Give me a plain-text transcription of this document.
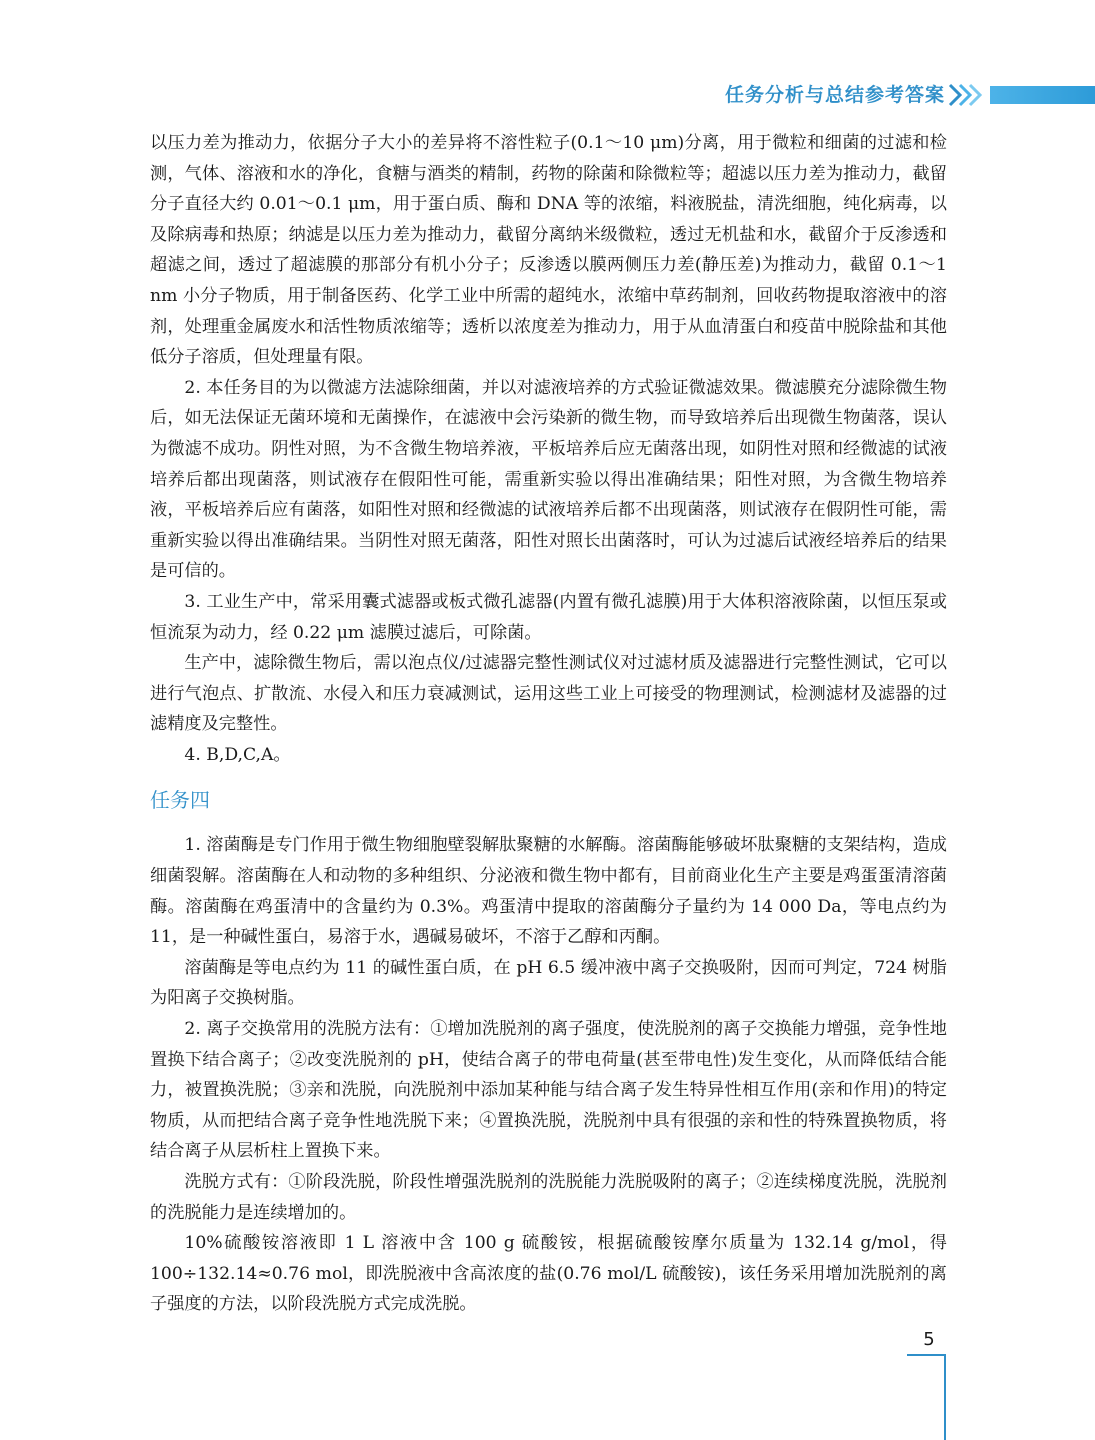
任务分析与总结参考答案

以压力差为推动力，依据分子大小的差异将不溶性粒子(0.1～10 μm)分离，用于微粒和细菌的过滤和检测，气体、溶液和水的净化，食糖与酒类的精制，药物的除菌和除微粒等；超滤以压力差为推动力，截留分子直径大约 0.01～0.1 μm，用于蛋白质、酶和 DNA 等的浓缩，料液脱盐，清洗细胞，纯化病毒，以及除病毒和热原；纳滤是以压力差为推动力，截留分离纳米级微粒，透过无机盐和水，截留介于反渗透和超滤之间，透过了超滤膜的那部分有机小分子；反渗透以膜两侧压力差(静压差)为推动力，截留 0.1～1 nm 小分子物质，用于制备医药、化学工业中所需的超纯水，浓缩中草药制剂，回收药物提取溶液中的溶剂，处理重金属废水和活性物质浓缩等；透析以浓度差为推动力，用于从血清蛋白和疫苗中脱除盐和其他低分子溶质，但处理量有限。

2. 本任务目的为以微滤方法滤除细菌，并以对滤液培养的方式验证微滤效果。微滤膜充分滤除微生物后，如无法保证无菌环境和无菌操作，在滤液中会污染新的微生物，而导致培养后出现微生物菌落，误认为微滤不成功。阴性对照，为不含微生物培养液，平板培养后应无菌落出现，如阴性对照和经微滤的试液培养后都出现菌落，则试液存在假阳性可能，需重新实验以得出准确结果；阳性对照，为含微生物培养液，平板培养后应有菌落，如阳性对照和经微滤的试液培养后都不出现菌落，则试液存在假阴性可能，需重新实验以得出准确结果。当阴性对照无菌落，阳性对照长出菌落时，可认为过滤后试液经培养后的结果是可信的。

3. 工业生产中，常采用囊式滤器或板式微孔滤器(内置有微孔滤膜)用于大体积溶液除菌，以恒压泵或恒流泵为动力，经 0.22 μm 滤膜过滤后，可除菌。

生产中，滤除微生物后，需以泡点仪/过滤器完整性测试仪对过滤材质及滤器进行完整性测试，它可以进行气泡点、扩散流、水侵入和压力衰减测试，运用这些工业上可接受的物理测试，检测滤材及滤器的过滤精度及完整性。

4. B,D,C,A。

任务四

1. 溶菌酶是专门作用于微生物细胞壁裂解肽聚糖的水解酶。溶菌酶能够破坏肽聚糖的支架结构，造成细菌裂解。溶菌酶在人和动物的多种组织、分泌液和微生物中都有，目前商业化生产主要是鸡蛋蛋清溶菌酶。溶菌酶在鸡蛋清中的含量约为 0.3%。鸡蛋清中提取的溶菌酶分子量约为 14 000 Da，等电点约为 11，是一种碱性蛋白，易溶于水，遇碱易破坏，不溶于乙醇和丙酮。

溶菌酶是等电点约为 11 的碱性蛋白质，在 pH 6.5 缓冲液中离子交换吸附，因而可判定，724 树脂为阳离子交换树脂。

2. 离子交换常用的洗脱方法有：①增加洗脱剂的离子强度，使洗脱剂的离子交换能力增强，竞争性地置换下结合离子；②改变洗脱剂的 pH，使结合离子的带电荷量(甚至带电性)发生变化，从而降低结合能力，被置换洗脱；③亲和洗脱，向洗脱剂中添加某种能与结合离子发生特异性相互作用(亲和作用)的特定物质，从而把结合离子竞争性地洗脱下来；④置换洗脱，洗脱剂中具有很强的亲和性的特殊置换物质，将结合离子从层析柱上置换下来。

洗脱方式有：①阶段洗脱，阶段性增强洗脱剂的洗脱能力洗脱吸附的离子；②连续梯度洗脱，洗脱剂的洗脱能力是连续增加的。

10%硫酸铵溶液即 1 L 溶液中含 100 g 硫酸铵，根据硫酸铵摩尔质量为 132.14 g/mol，得 100÷132.14≈0.76 mol，即洗脱液中含高浓度的盐(0.76 mol/L 硫酸铵)，该任务采用增加洗脱剂的离子强度的方法，以阶段洗脱方式完成洗脱。

5
